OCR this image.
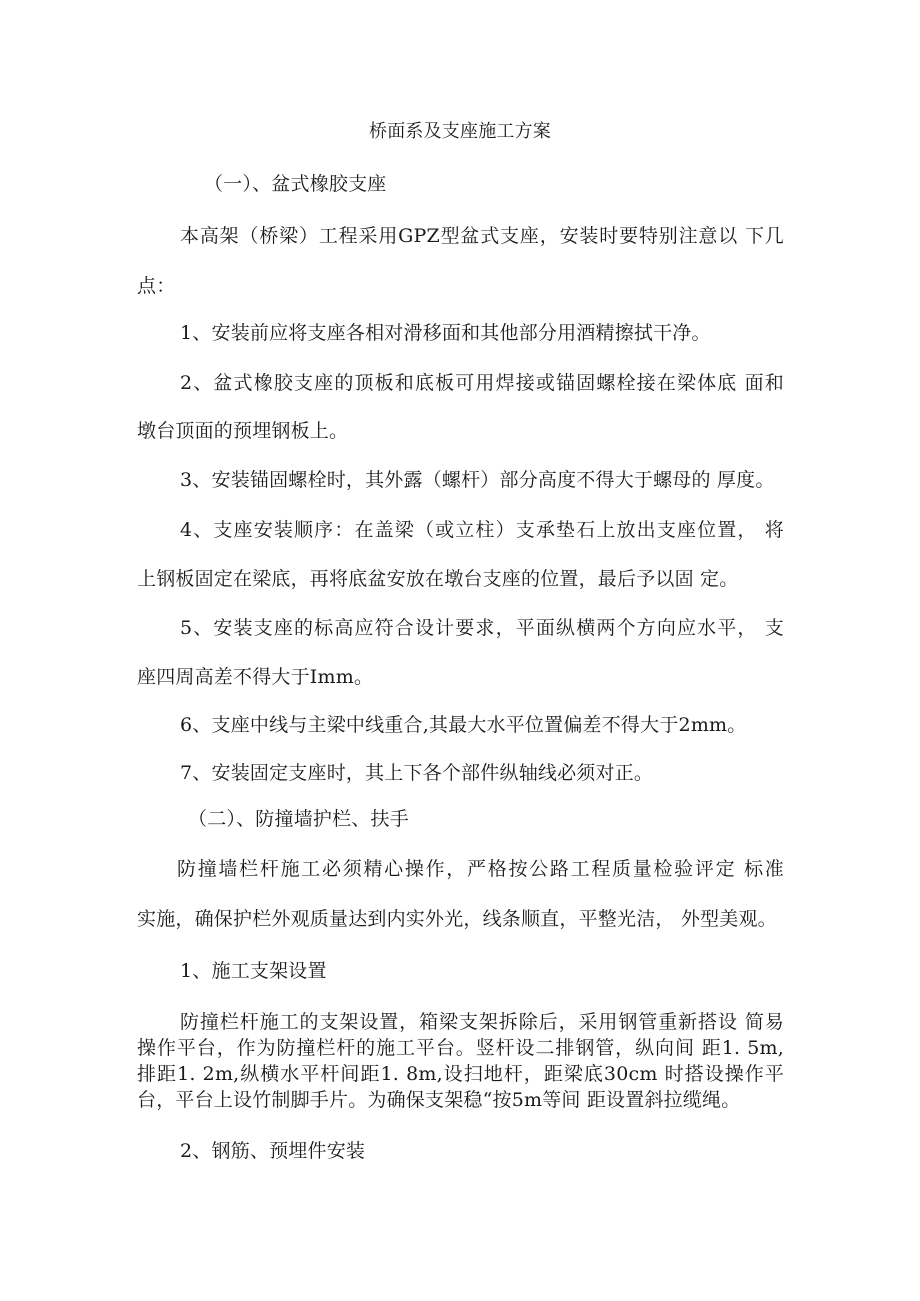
桥面系及支座施工方案

（一）、盆式橡胶支座

本高架（桥梁）工程采用GPZ型盆式支座，安装时要特别注意以 下几

点：

1、安装前应将支座各相对滑移面和其他部分用酒精擦拭干净。

2、盆式橡胶支座的顶板和底板可用焊接或锚固螺栓接在梁体底 面和

墩台顶面的预埋钢板上。

3、安装锚固螺栓时，其外露（螺杆）部分高度不得大于螺母的 厚度。

4、支座安装顺序：在盖梁（或立柱）支承垫石上放出支座位置， 将

上钢板固定在梁底，再将底盆安放在墩台支座的位置，最后予以固 定。

5、安装支座的标高应符合设计要求，平面纵横两个方向应水平， 支

座四周高差不得大于Imm。

6、支座中线与主梁中线重合,其最大水平位置偏差不得大于2mm。

7、安装固定支座时，其上下各个部件纵轴线必须对正。

（二）、防撞墙护栏、扶手

防撞墙栏杆施工必须精心操作，严格按公路工程质量检验评定 标准

实施，确保护栏外观质量达到内实外光，线条顺直，平整光洁， 外型美观。

1、施工支架设置

防撞栏杆施工的支架设置，箱梁支架拆除后，采用钢管重新搭设 简易

操作平台，作为防撞栏杆的施工平台。竖杆设二排钢管，纵向间 距1. 5m,

排距1. 2m,纵横水平杆间距1. 8m,设扫地杆，距梁底30cm 时搭设操作平

台，平台上设竹制脚手片。为确保支架稳“按5m等间 距设置斜拉缆绳。

2、钢筋、预埋件安装
